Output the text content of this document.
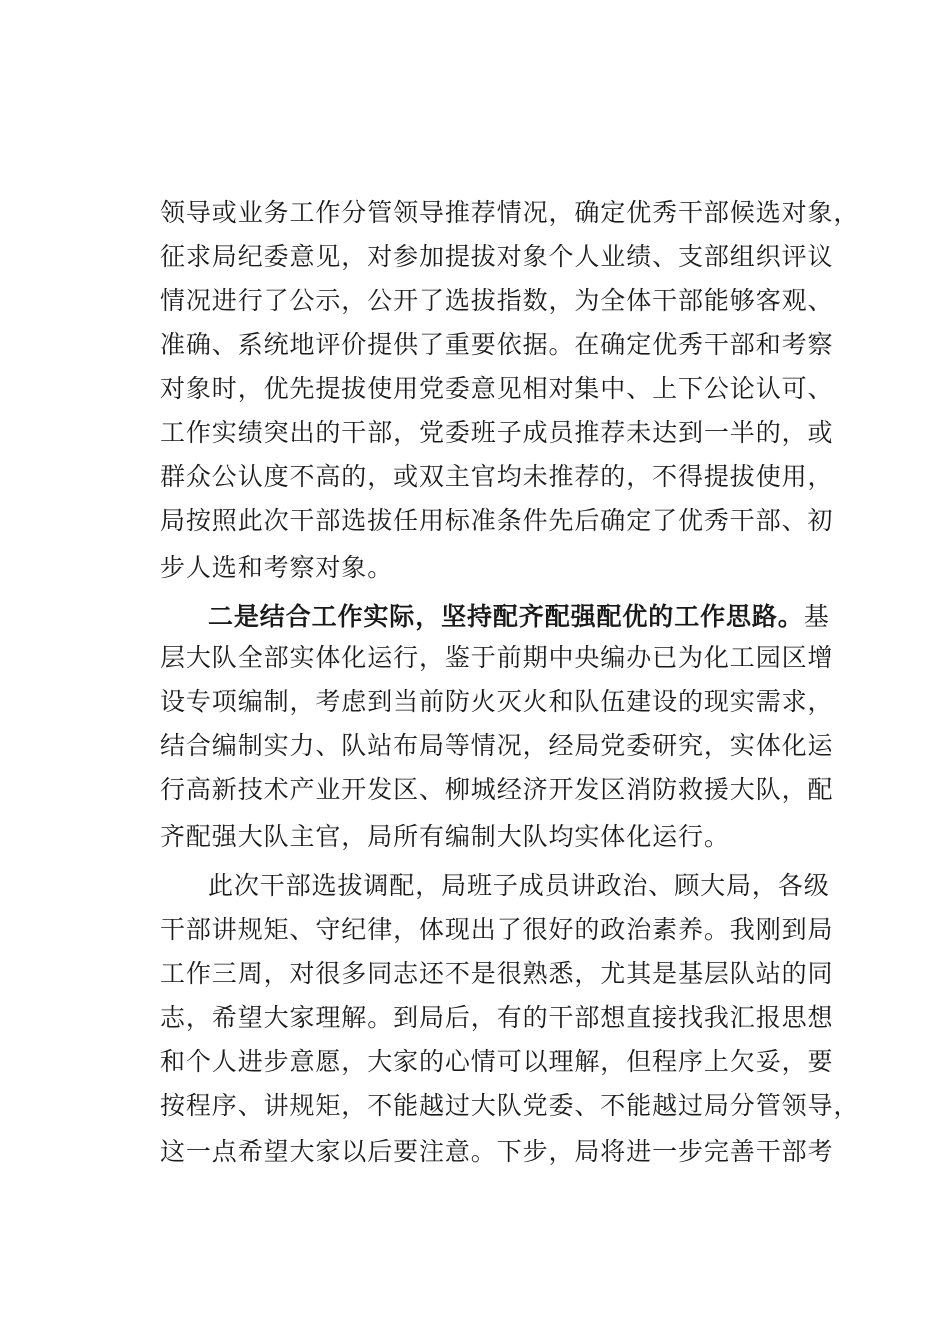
领导或业务工作分管领导推荐情况，确定优秀干部候选对象，
征求局纪委意见，对参加提拔对象个人业绩、支部组织评议
情况进行了公示，公开了选拔指数，为全体干部能够客观、
准确、系统地评价提供了重要依据。在确定优秀干部和考察
对象时，优先提拔使用党委意见相对集中、上下公论认可、
工作实绩突出的干部，党委班子成员推荐未达到一半的，或
群众公认度不高的，或双主官均未推荐的，不得提拔使用，
局按照此次干部选拔任用标准条件先后确定了优秀干部、初
步人选和考察对象。
二是结合工作实际，坚持配齐配强配优的工作思路。基
层大队全部实体化运行，鉴于前期中央编办已为化工园区增
设专项编制，考虑到当前防火灭火和队伍建设的现实需求，
结合编制实力、队站布局等情况，经局党委研究，实体化运
行高新技术产业开发区、柳城经济开发区消防救援大队，配
齐配强大队主官，局所有编制大队均实体化运行。
此次干部选拔调配，局班子成员讲政治、顾大局，各级
干部讲规矩、守纪律，体现出了很好的政治素养。我刚到局
工作三周，对很多同志还不是很熟悉，尤其是基层队站的同
志，希望大家理解。到局后，有的干部想直接找我汇报思想
和个人进步意愿，大家的心情可以理解，但程序上欠妥，要
按程序、讲规矩，不能越过大队党委、不能越过局分管领导，
这一点希望大家以后要注意。下步，局将进一步完善干部考
